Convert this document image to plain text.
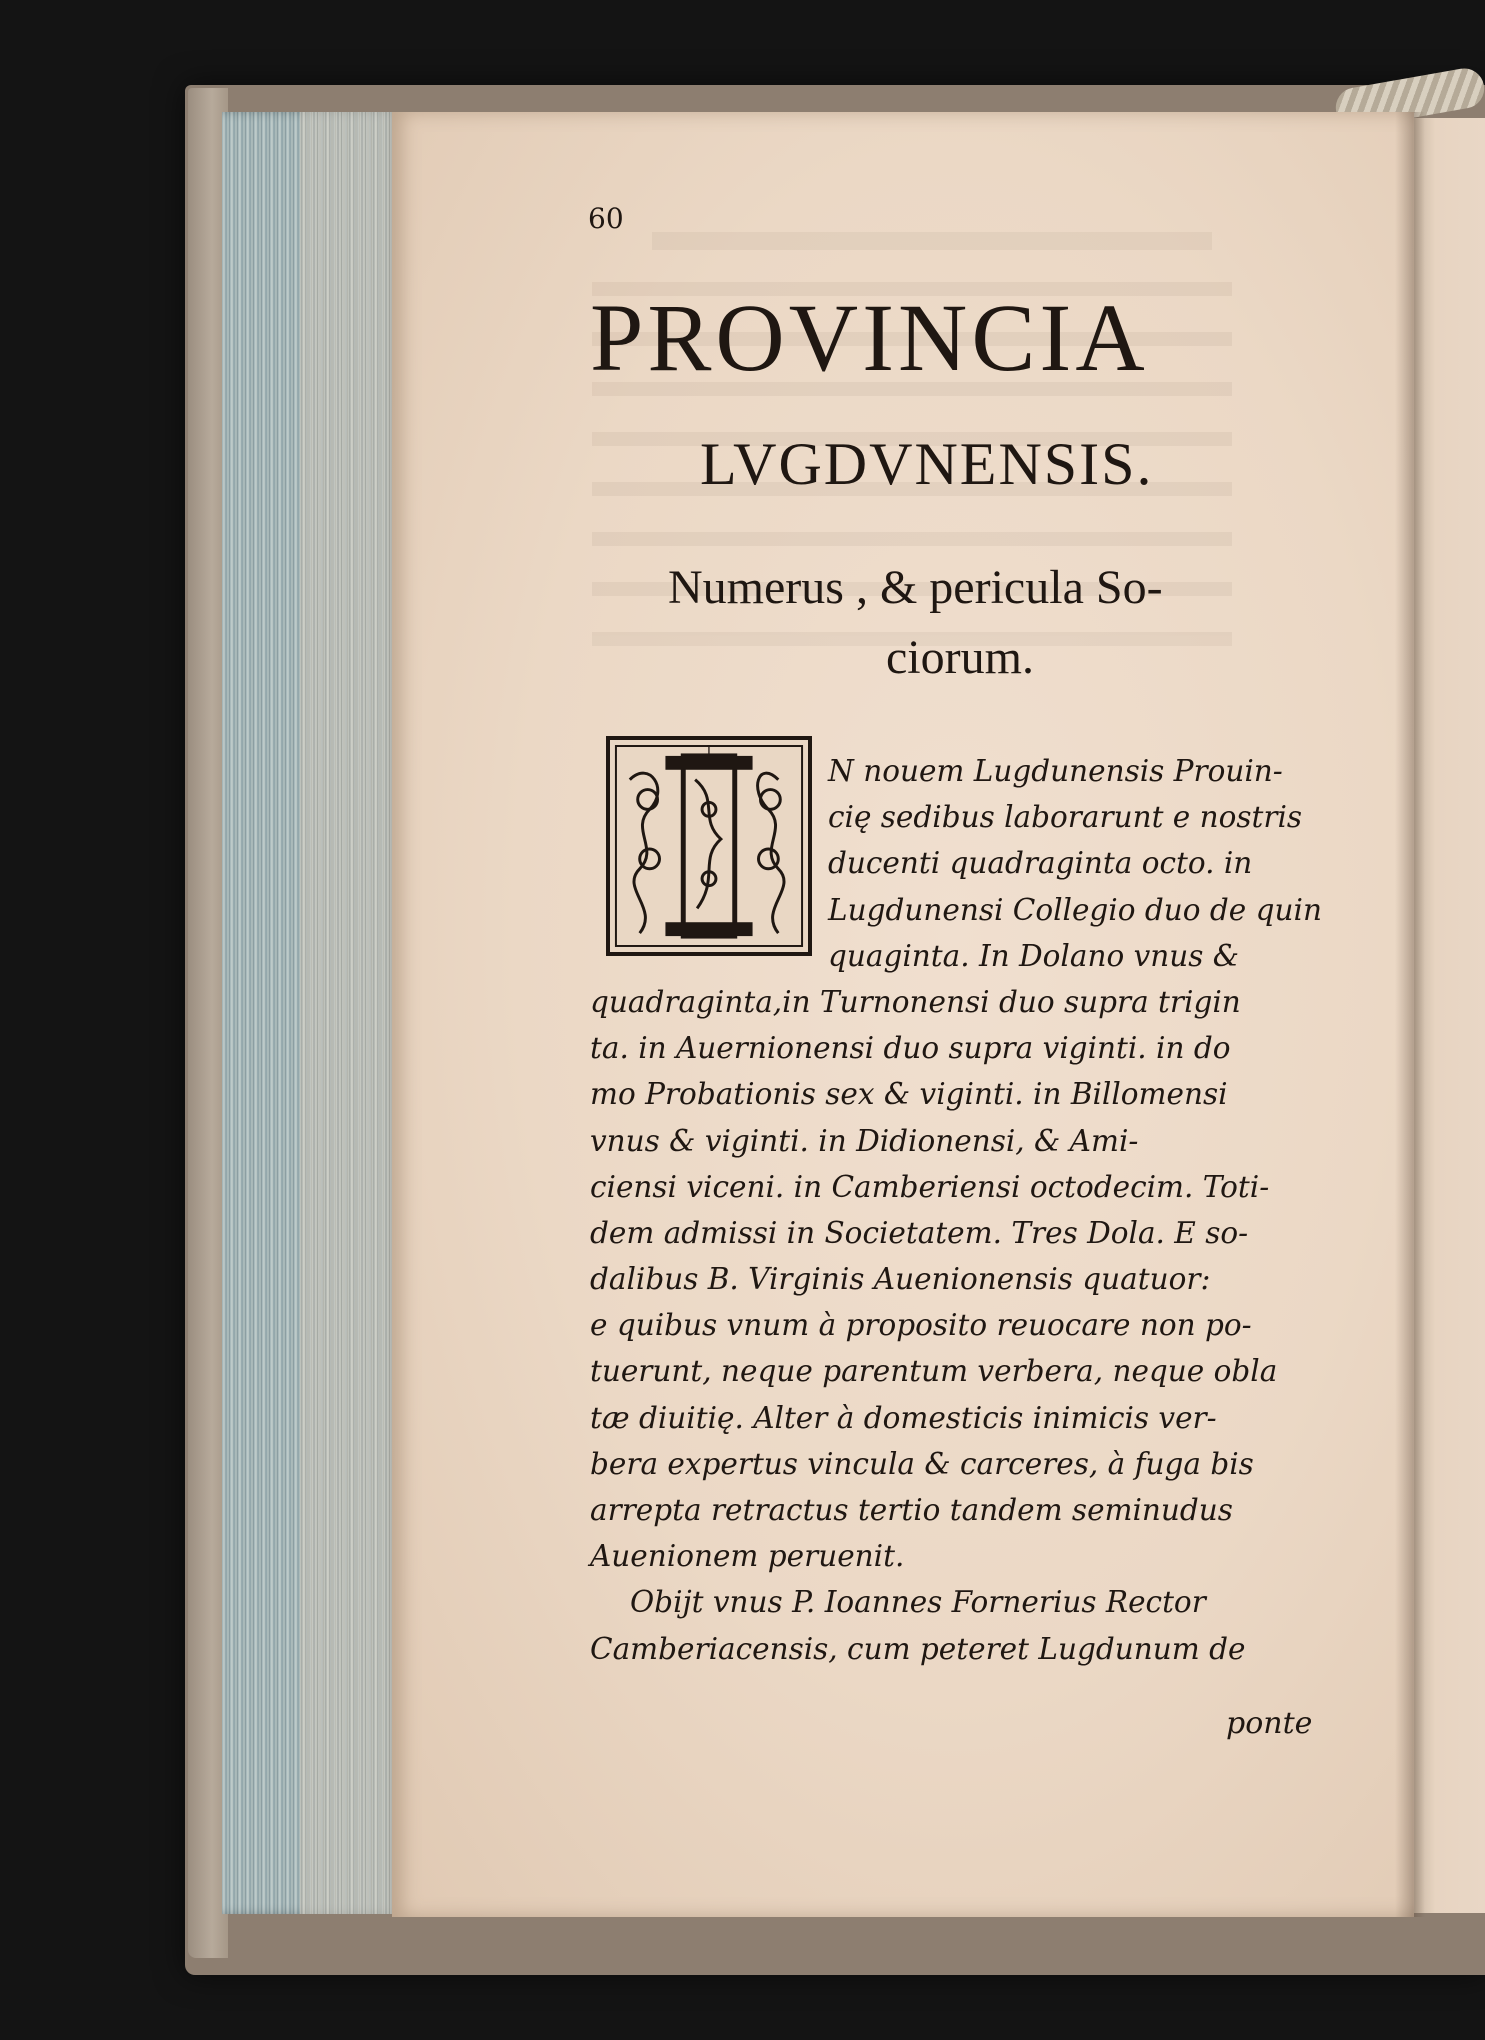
60
PROVINCIA
LVGDVNENSIS.
Numerus , & pericula So-
ciorum.
I
N nouem Lugdunensis Prouin-
cię sedibus laborarunt e nostris
ducenti quadraginta octo. in
Lugdunensi Collegio duo de quin
quaginta. In Dolano vnus &
quadraginta,in Turnonensi duo supra trigin
ta. in Auernionensi duo supra viginti. in do
mo Probationis sex & viginti. in Billomensi
vnus & viginti. in Didionensi, & Ami-
ciensi viceni. in Camberiensi octodecim. Toti-
dem admissi in Societatem. Tres Dola. E so-
dalibus B. Virginis Auenionensis quatuor:
e quibus vnum à proposito reuocare non po-
tuerunt, neque parentum verbera, neque obla
tæ diuitię. Alter à domesticis inimicis ver-
bera expertus vincula & carceres, à fuga bis
arrepta retractus tertio tandem seminudus
Auenionem peruenit.
Obijt vnus P. Ioannes Fornerius Rector
Camberiacensis, cum peteret Lugdunum de
ponte
